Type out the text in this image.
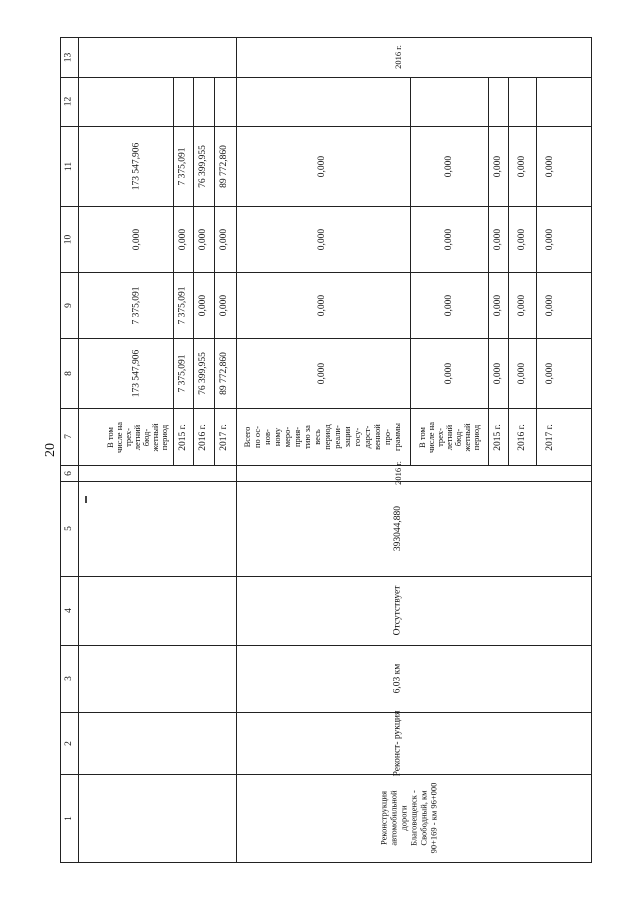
20
1
2
3
4
5
6
7
8
9
10
11
12
13
Реконструкция
автомобильной
дороги
Благовещенск -
Свободный, км
90+169 - км 96+000
Реконст- рукция
6,03 км
Отсутствует
393044,880
2016 г.
2016 г.
В том
числе на
трех-
летний
бюд-
жетный
период
173 547,906
7 375,091
0,000
173 547,906
2015 г.
7 375,091
7 375,091
0,000
7 375,091
2016 г.
76 399,955
0,000
0,000
76 399,955
2017 г.
89 772,860
0,000
0,000
89 772,860
Всего
по ос-
нов-
ному
меро-
прия-
тию за
весь
период
реали-
зации
госу-
дарст-
венной
про-
граммы
0,000
0,000
0,000
0,000
В том
числе на
трех-
летний
бюд-
жетный
период
0,000
0,000
0,000
0,000
2015 г.
0,000
0,000
0,000
0,000
2016 г.
0,000
0,000
0,000
0,000
2017 г.
0,000
0,000
0,000
0,000
